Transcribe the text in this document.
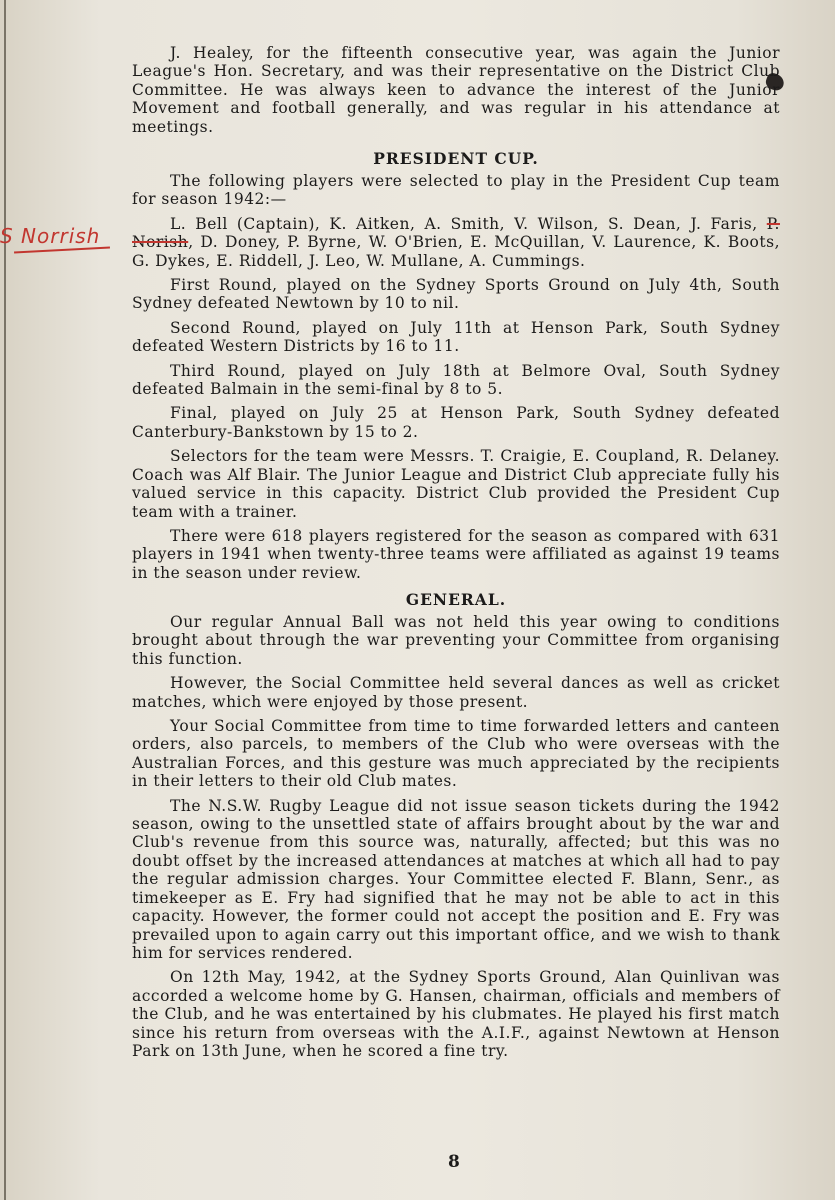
S Norrish

J. Healey, for the fifteenth consecutive year, was again the Junior League's Hon. Secretary, and was their representative on the District Club Committee. He was always keen to advance the interest of the Junior Movement and football generally, and was regular in his attendance at meetings.

PRESIDENT CUP.

The following players were selected to play in the President Cup team for season 1942:—

L. Bell (Captain), K. Aitken, A. Smith, V. Wilson, S. Dean, J. Faris, P. Norish, D. Doney, P. Byrne, W. O'Brien, E. McQuillan, V. Laurence, K. Boots, G. Dykes, E. Riddell, J. Leo, W. Mullane, A. Cummings.

First Round, played on the Sydney Sports Ground on July 4th, South Sydney defeated Newtown by 10 to nil.

Second Round, played on July 11th at Henson Park, South Sydney defeated Western Districts by 16 to 11.

Third Round, played on July 18th at Belmore Oval, South Sydney defeated Balmain in the semi-final by 8 to 5.

Final, played on July 25 at Henson Park, South Sydney defeated Canterbury-Bankstown by 15 to 2.

Selectors for the team were Messrs. T. Craigie, E. Coupland, R. Delaney. Coach was Alf Blair. The Junior League and District Club appreciate fully his valued service in this capacity. District Club provided the President Cup team with a trainer.

There were 618 players registered for the season as compared with 631 players in 1941 when twenty-three teams were affiliated as against 19 teams in the season under review.

GENERAL.

Our regular Annual Ball was not held this year owing to conditions brought about through the war preventing your Committee from organising this function.

However, the Social Committee held several dances as well as cricket matches, which were enjoyed by those present.

Your Social Committee from time to time forwarded letters and canteen orders, also parcels, to members of the Club who were overseas with the Australian Forces, and this gesture was much appreciated by the recipients in their letters to their old Club mates.

The N.S.W. Rugby League did not issue season tickets during the 1942 season, owing to the unsettled state of affairs brought about by the war and Club's revenue from this source was, naturally, affected; but this was no doubt offset by the increased attendances at matches at which all had to pay the regular admission charges. Your Committee elected F. Blann, Senr., as timekeeper as E. Fry had signified that he may not be able to act in this capacity. However, the former could not accept the position and E. Fry was prevailed upon to again carry out this important office, and we wish to thank him for services rendered.

On 12th May, 1942, at the Sydney Sports Ground, Alan Quinlivan was accorded a welcome home by G. Hansen, chairman, officials and members of the Club, and he was entertained by his clubmates. He played his first match since his return from overseas with the A.I.F., against Newtown at Henson Park on 13th June, when he scored a fine try.

8
